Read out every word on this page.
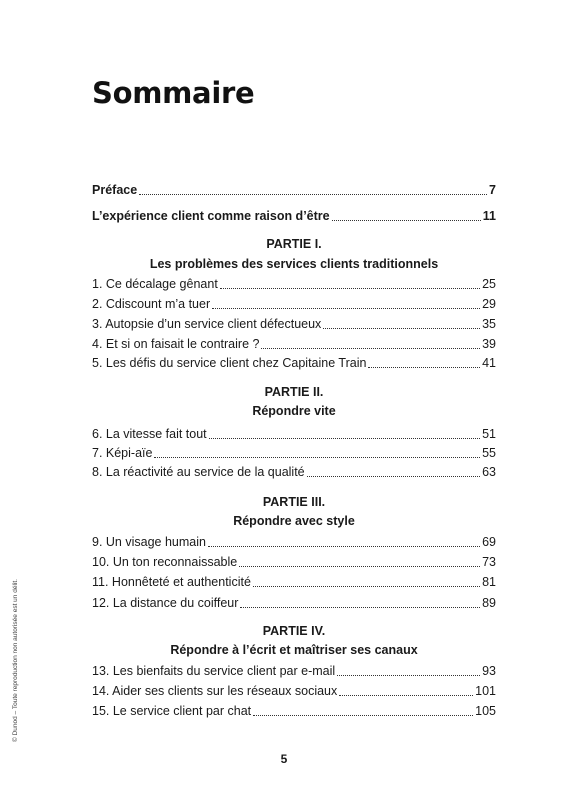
Sommaire
Préface	7
L’expérience client comme raison d’être	11
PARTIE I.
Les problèmes des services clients traditionnels
1. Ce décalage gênant	25
2. Cdiscount m’a tuer	29
3. Autopsie d’un service client défectueux	35
4. Et si on faisait le contraire ?	39
5. Les défis du service client chez Capitaine Train	41
PARTIE II.
Répondre vite
6. La vitesse fait tout	51
7. Képi-aïe	55
8. La réactivité au service de la qualité	63
PARTIE III.
Répondre avec style
9. Un visage humain	69
10. Un ton reconnaissable	73
11. Honnêteté et authenticité	81
12. La distance du coiffeur	89
PARTIE IV.
Répondre à l’écrit et maîtriser ses canaux
13. Les bienfaits du service client par e-mail	93
14. Aider ses clients sur les réseaux sociaux	101
15. Le service client par chat	105
© Dunod – Toute reproduction non autorisée est un délit.
5
